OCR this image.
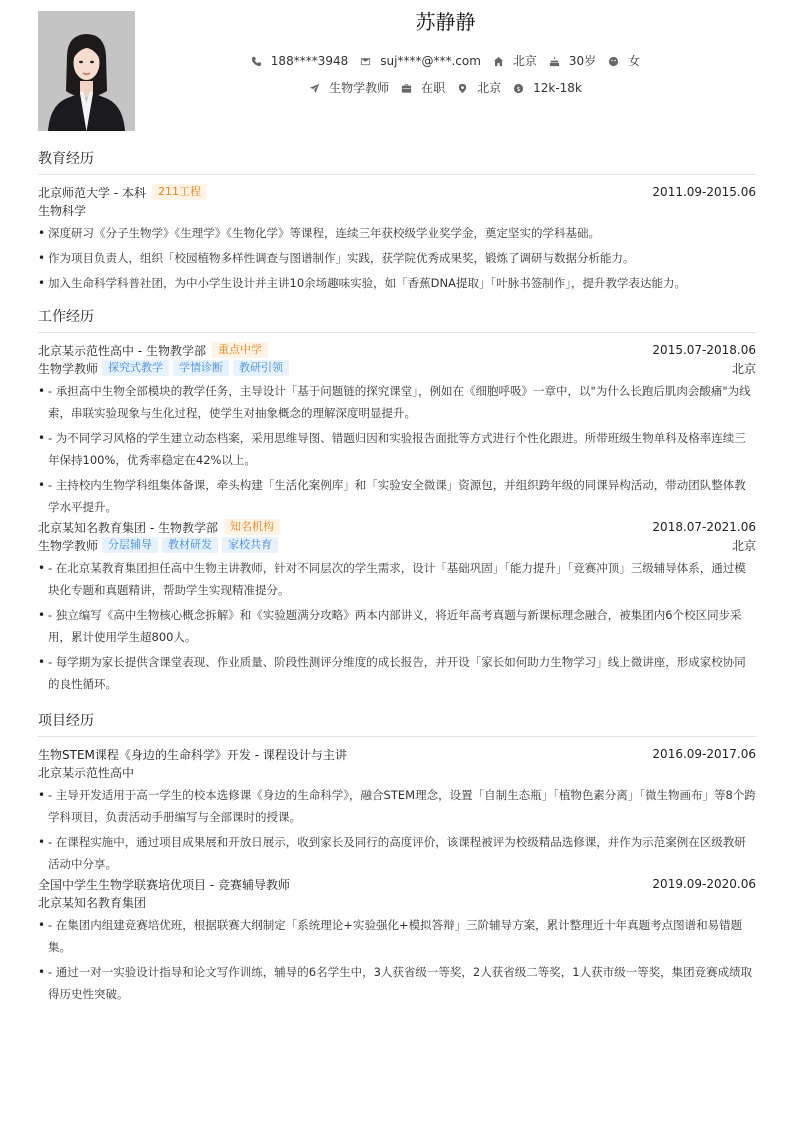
苏静静
188****3948	suj****@***.com	北京	30岁	女
生物学教师	在职	北京 $ 12k-18k
教育经历
北京师范大学 - 本科	211工程	2011.09-2015.06
生物科学
• 深度研习《分子生物学》《生理学》《生物化学》等课程，连续三年获校级学业奖学金，奠定坚实的学科基础。
• 作为项目负责人，组织「校园植物多样性调查与图谱制作」实践，获学院优秀成果奖，锻炼了调研与数据分析能力。
• 加入生命科学科普社团，为中小学生设计并主讲10余场趣味实验，如「香蕉DNA提取」「叶脉书签制作」，提升教学表达能力。
工作经历
北京某示范性高中 - 生物教学部	重点中学	2015.07-2018.06
生物学教师 探究式教学	学情诊断	教研引领	北京
• - 承担高中生物全部模块的教学任务，主导设计「基于问题链的探究课堂」，例如在《细胞呼吸》一章中，以"为什么长跑后肌肉会酸痛"为线索，串联实验现象与生化过程，使学生对抽象概念的理解深度明显提升。
• - 为不同学习风格的学生建立动态档案，采用思维导图、错题归因和实验报告面批等方式进行个性化跟进。所带班级生物单科及格率连续三年保持100%，优秀率稳定在42%以上。
• - 主持校内生物学科组集体备课，牵头构建「生活化案例库」和「实验安全微课」资源包，并组织跨年级的同课异构活动，带动团队整体教学水平提升。
北京某知名教育集团 - 生物教学部	知名机构	2018.07-2021.06
生物学教师 分层辅导	教材研发	家校共育	北京
• - 在北京某教育集团担任高中生物主讲教师，针对不同层次的学生需求，设计「基础巩固」「能力提升」「竞赛冲顶」三级辅导体系，通过模块化专题和真题精讲，帮助学生实现精准提分。
• - 独立编写《高中生物核心概念拆解》和《实验题满分攻略》两本内部讲义，将近年高考真题与新课标理念融合，被集团内6个校区同步采用，累计使用学生超800人。
• - 每学期为家长提供含课堂表现、作业质量、阶段性测评分维度的成长报告，并开设「家长如何助力生物学习」线上微讲座，形成家校协同的良性循环。
项目经历
生物STEM课程《身边的生命科学》开发 - 课程设计与主讲	2016.09-2017.06
北京某示范性高中
• - 主导开发适用于高一学生的校本选修课《身边的生命科学》，融合STEM理念，设置「自制生态瓶」「植物色素分离」「微生物画布」等8个跨学科项目，负责活动手册编写与全部课时的授课。
• - 在课程实施中，通过项目成果展和开放日展示，收到家长及同行的高度评价，该课程被评为校级精品选修课，并作为示范案例在区级教研活动中分享。
全国中学生生物学联赛培优项目 - 竞赛辅导教师	2019.09-2020.06
北京某知名教育集团
• - 在集团内组建竞赛培优班，根据联赛大纲制定「系统理论+实验强化+模拟答辩」三阶辅导方案，累计整理近十年真题考点图谱和易错题集。
• - 通过一对一实验设计指导和论文写作训练，辅导的6名学生中，3人获省级一等奖，2人获省级二等奖，1人获市级一等奖，集团竞赛成绩取得历史性突破。
